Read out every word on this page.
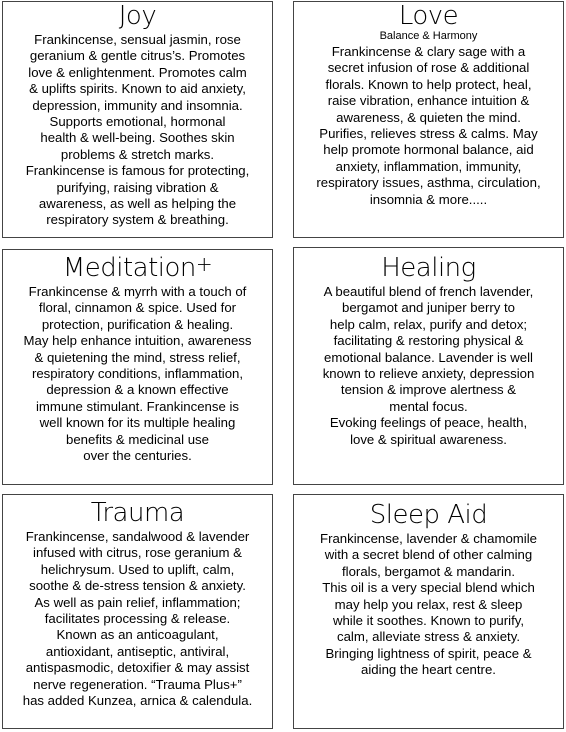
Joy
Frankincense, sensual jasmin, rose
geranium & gentle citrus’s. Promotes
love & enlightenment. Promotes calm
& uplifts spirits. Known to aid anxiety,
depression, immunity and insomnia.
Supports emotional, hormonal
health & well-being. Soothes skin
problems & stretch marks.
Frankincense is famous for protecting,
purifying, raising vibration &
awareness, as well as helping the
respiratory system & breathing.
Love
Balance & Harmony
Frankincense & clary sage with a
secret infusion of rose & additional
florals. Known to help protect, heal,
raise vibration, enhance intuition &
awareness, & quieten the mind.
Purifies, relieves stress & calms. May
help promote hormonal balance, aid
anxiety, inflammation, immunity,
respiratory issues, asthma, circulation,
insomnia & more.....
Meditation+
Frankincense & myrrh with a touch of
floral, cinnamon & spice. Used for
protection, purification & healing.
May help enhance intuition, awareness
& quietening the mind, stress relief,
respiratory conditions, inflammation,
depression & a known effective
immune stimulant. Frankincense is
well known for its multiple healing
benefits & medicinal use
over the centuries.
Healing
A beautiful blend of french lavender,
bergamot and juniper berry to
help calm, relax, purify and detox;
facilitating & restoring physical &
emotional balance. Lavender is well
known to relieve anxiety, depression
tension & improve alertness &
mental focus.
Evoking feelings of peace, health,
love & spiritual awareness.
Trauma
Frankincense, sandalwood & lavender
infused with citrus, rose geranium &
helichrysum. Used to uplift, calm,
soothe & de-stress tension & anxiety.
As well as pain relief, inflammation;
facilitates processing & release.
Known as an anticoagulant,
antioxidant, antiseptic, antiviral,
antispasmodic, detoxifier & may assist
nerve regeneration. “Trauma Plus+”
has added Kunzea, arnica & calendula.
Sleep Aid
Frankincense, lavender & chamomile
with a secret blend of other calming
florals, bergamot & mandarin.
This oil is a very special blend which
may help you relax, rest & sleep
while it soothes. Known to purify,
calm, alleviate stress & anxiety.
Bringing lightness of spirit, peace &
aiding the heart centre.
